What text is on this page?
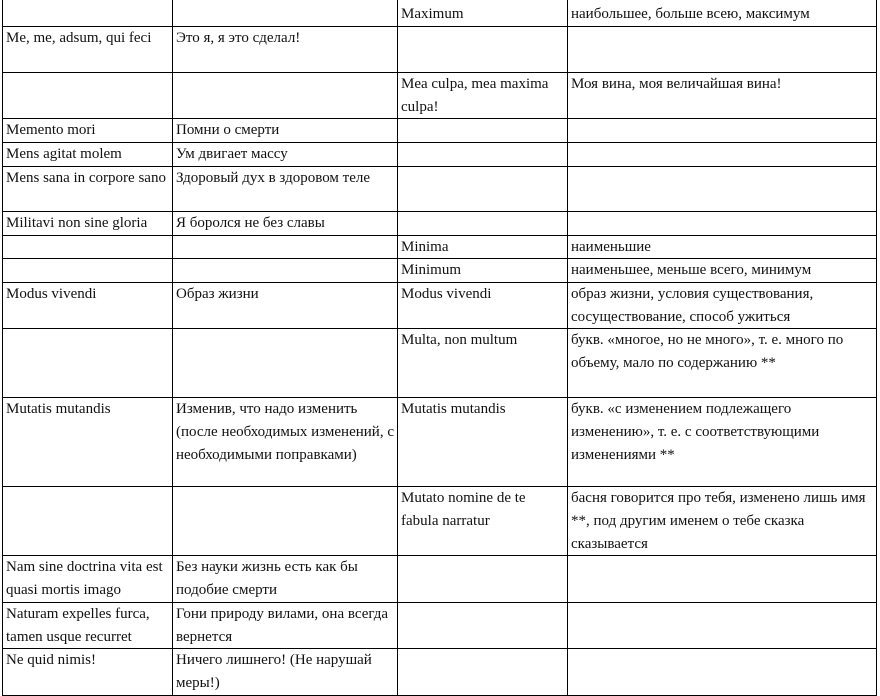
		Maximum	наибольшее, больше всею, максимум
Me, me, adsum, qui feci	Это я, я это сделал!		
		Mea culpa, mea maxima culpa!	Моя вина, моя величайшая вина!
Memento mori	Помни о смерти		
Mens agitat molem	Ум двигает массу		
Mens sana in corpore sano	Здоровый дух в здоровом теле		
Militavi non sine gloria	Я боролся не без славы		
		Minima	наименьшие
		Minimum	наименьшее, меньше всего, минимум
Modus vivendi	Образ жизни	Modus vivendi	образ жизни, условия существования, сосуществование, способ ужиться
		Multa, non multum	букв. «многое, но не много», т. е. много по объему, мало по содержанию **
Mutatis mutandis	Изменив, что надо изменить (после необходимых изменений, с необходимыми поправками)	Mutatis mutandis	букв. «с изменением подлежащего изменению», т. е. с соответствующими изменениями **
		Mutato nomine de te fabula narratur	басня говорится про тебя, изменено лишь имя **, под другим именем о тебе сказка сказывается
Nam sine doctrina vita est quasi mortis imago	Без науки жизнь есть как бы подобие смерти		
Naturam expelles furca, tamen usque recurret	Гони природу вилами, она всегда вернется		
Ne quid nimis!	Ничего лишнего! (Не нарушай меры!)		
